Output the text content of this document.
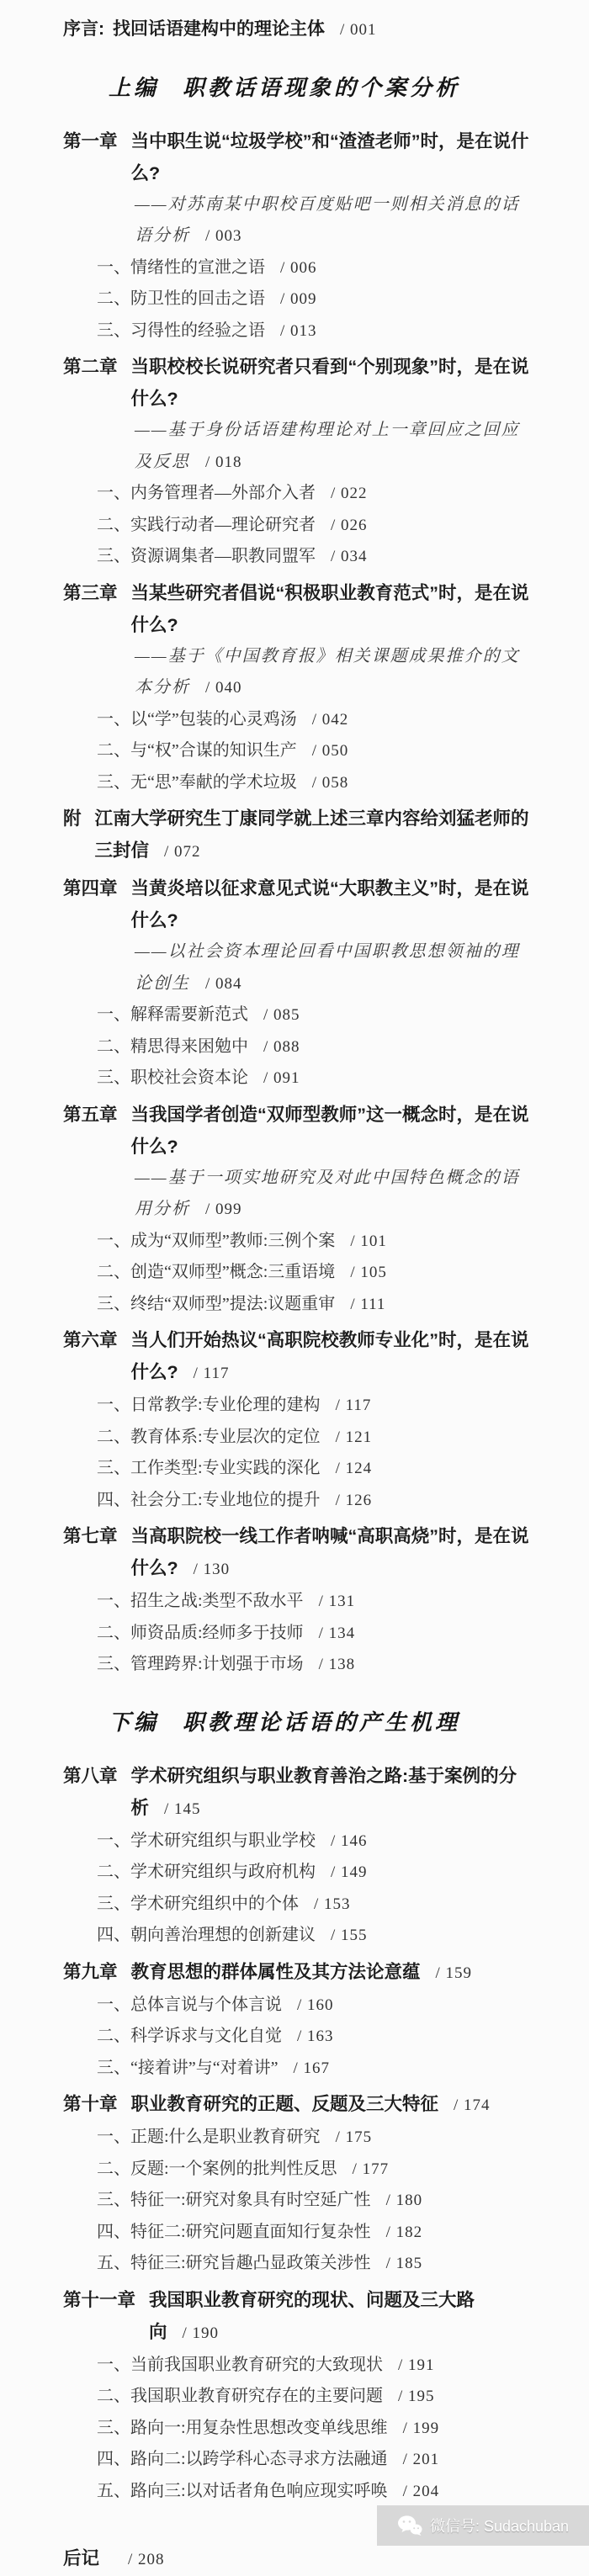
序言: 找回话语建构中的理论主体 / 001
上编 职教话语现象的个案分析
第一章 当中职生说“垃圾学校”和“渣渣老师”时，是在说什么?
——对苏南某中职校百度贴吧一则相关消息的话语分析 / 003
一、情绪性的宣泄之语 / 006
二、防卫性的回击之语 / 009
三、习得性的经验之语 / 013
第二章 当职校校长说研究者只看到“个别现象”时，是在说什么?
——基于身份话语建构理论对上一章回应之回应及反思 / 018
一、内务管理者—外部介入者 / 022
二、实践行动者—理论研究者 / 026
三、资源调集者—职教同盟军 / 034
第三章 当某些研究者倡说“积极职业教育范式”时，是在说什么?
——基于《中国教育报》相关课题成果推介的文本分析 / 040
一、以“学”包装的心灵鸡汤 / 042
二、与“权”合谋的知识生产 / 050
三、无“思”奉献的学术垃圾 / 058
附 江南大学研究生丁康同学就上述三章内容给刘猛老师的三封信 / 072
第四章 当黄炎培以征求意见式说“大职教主义”时，是在说什么?
——以社会资本理论回看中国职教思想领袖的理论创生 / 084
一、解释需要新范式 / 085
二、精思得来困勉中 / 088
三、职校社会资本论 / 091
第五章 当我国学者创造“双师型教师”这一概念时，是在说什么?
——基于一项实地研究及对此中国特色概念的语用分析 / 099
一、成为“双师型”教师:三例个案 / 101
二、创造“双师型”概念:三重语境 / 105
三、终结“双师型”提法:议题重审 / 111
第六章 当人们开始热议“高职院校教师专业化”时，是在说什么? / 117
一、日常教学:专业伦理的建构 / 117
二、教育体系:专业层次的定位 / 121
三、工作类型:专业实践的深化 / 124
四、社会分工:专业地位的提升 / 126
第七章 当高职院校一线工作者呐喊“高职高烧”时，是在说什么? / 130
一、招生之战:类型不敌水平 / 131
二、师资品质:经师多于技师 / 134
三、管理跨界:计划强于市场 / 138
下编 职教理论话语的产生机理
第八章 学术研究组织与职业教育善治之路:基于案例的分析 / 145
一、学术研究组织与职业学校 / 146
二、学术研究组织与政府机构 / 149
三、学术研究组织中的个体 / 153
四、朝向善治理想的创新建议 / 155
第九章 教育思想的群体属性及其方法论意蕴 / 159
一、总体言说与个体言说 / 160
二、科学诉求与文化自觉 / 163
三、“接着讲”与“对着讲” / 167
第十章 职业教育研究的正题、反题及三大特征 / 174
一、正题:什么是职业教育研究 / 175
二、反题:一个案例的批判性反思 / 177
三、特征一:研究对象具有时空延广性 / 180
四、特征二:研究问题直面知行复杂性 / 182
五、特征三:研究旨趣凸显政策关涉性 / 185
第十一章 我国职业教育研究的现状、问题及三大路向 / 190
一、当前我国职业教育研究的大致现状 / 191
二、我国职业教育研究存在的主要问题 / 195
三、路向一:用复杂性思想改变单线思维 / 199
四、路向二:以跨学科心态寻求方法融通 / 201
五、路向三:以对话者角色响应现实呼唤 / 204
后记	/ 208
微信号: Sudachuban
